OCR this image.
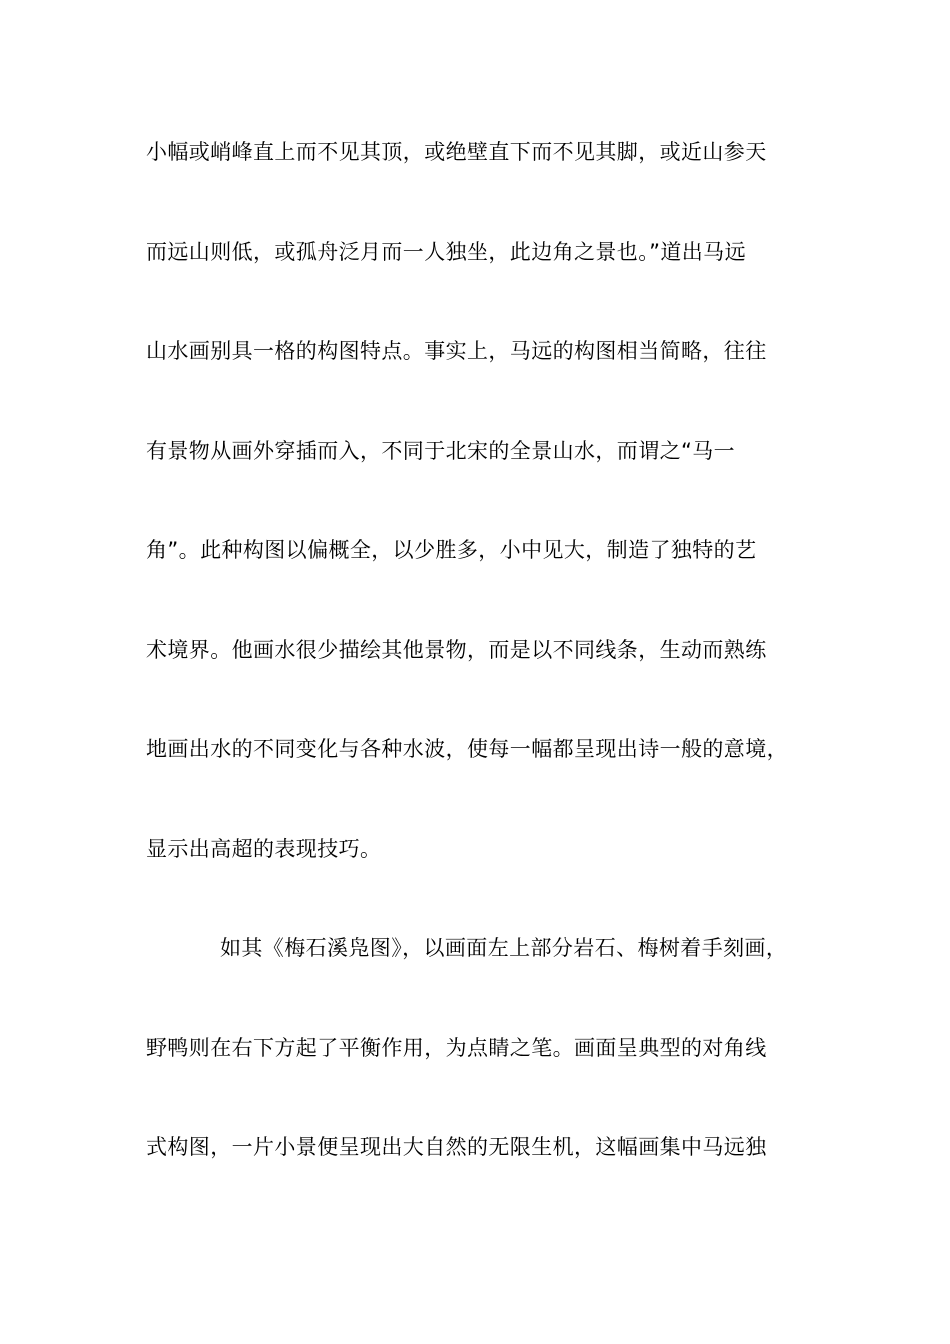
小幅或峭峰直上而不见其顶，或绝壁直下而不见其脚，或近山参天
而远山则低，或孤舟泛月而一人独坐，此边角之景也。”道出马远
山水画别具一格的构图特点。事实上，马远的构图相当简略，往往
有景物从画外穿插而入，不同于北宋的全景山水，而谓之“马一
角”。此种构图以偏概全，以少胜多，小中见大，制造了独特的艺
术境界。他画水很少描绘其他景物，而是以不同线条，生动而熟练
地画出水的不同变化与各种水波，使每一幅都呈现出诗一般的意境，
显示出高超的表现技巧。
如其《梅石溪凫图》，以画面左上部分岩石、梅树着手刻画，
野鸭则在右下方起了平衡作用，为点睛之笔。画面呈典型的对角线
式构图，一片小景便呈现出大自然的无限生机，这幅画集中马远独
